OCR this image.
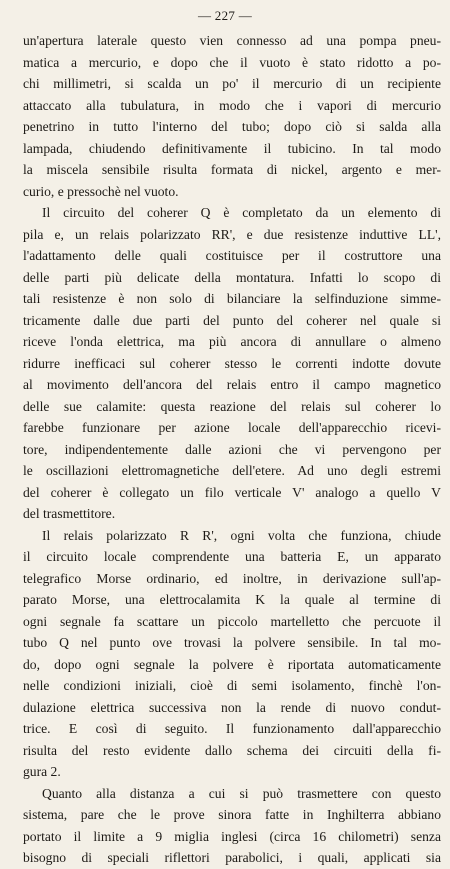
— 227 —

un'apertura laterale questo vien connesso ad una pompa pneu-
matica a mercurio, e dopo che il vuoto è stato ridotto a po-
chi millimetri, si scalda un po' il mercurio di un recipiente
attaccato alla tubulatura, in modo che i vapori di mercurio
penetrino in tutto l'interno del tubo; dopo ciò si salda alla
lampada, chiudendo definitivamente il tubicino. In tal modo
la miscela sensibile risulta formata di nickel, argento e mer-
curio, e pressochè nel vuoto.

Il circuito del coherer Q è completato da un elemento di
pila e, un relais polarizzato RR', e due resistenze induttive LL',
l'adattamento delle quali costituisce per il costruttore una
delle parti più delicate della montatura. Infatti lo scopo di
tali resistenze è non solo di bilanciare la selfinduzione simme-
tricamente dalle due parti del punto del coherer nel quale si
riceve l'onda elettrica, ma più ancora di annullare o almeno
ridurre inefficaci sul coherer stesso le correnti indotte dovute
al movimento dell'ancora del relais entro il campo magnetico
delle sue calamite: questa reazione del relais sul coherer lo
farebbe funzionare per azione locale dell'apparecchio ricevi-
tore, indipendentemente dalle azioni che vi pervengono per
le oscillazioni elettromagnetiche dell'etere. Ad uno degli estremi
del coherer è collegato un filo verticale V' analogo a quello V
del trasmettitore.

Il relais polarizzato R R', ogni volta che funziona, chiude
il circuito locale comprendente una batteria E, un apparato
telegrafico Morse ordinario, ed inoltre, in derivazione sull'ap-
parato Morse, una elettrocalamita K la quale al termine di
ogni segnale fa scattare un piccolo martelletto che percuote il
tubo Q nel punto ove trovasi la polvere sensibile. In tal mo-
do, dopo ogni segnale la polvere è riportata automaticamente
nelle condizioni iniziali, cioè di semi isolamento, finchè l'on-
dulazione elettrica successiva non la rende di nuovo condut-
trice. E così di seguito. Il funzionamento dall'apparecchio
risulta del resto evidente dallo schema dei circuiti della fi-
gura 2.

Quanto alla distanza a cui si può trasmettere con questo
sistema, pare che le prove sinora fatte in Inghilterra abbiano
portato il limite a 9 miglia inglesi (circa 16 chilometri) senza
bisogno di speciali riflettori parabolici, i quali, applicati sia
